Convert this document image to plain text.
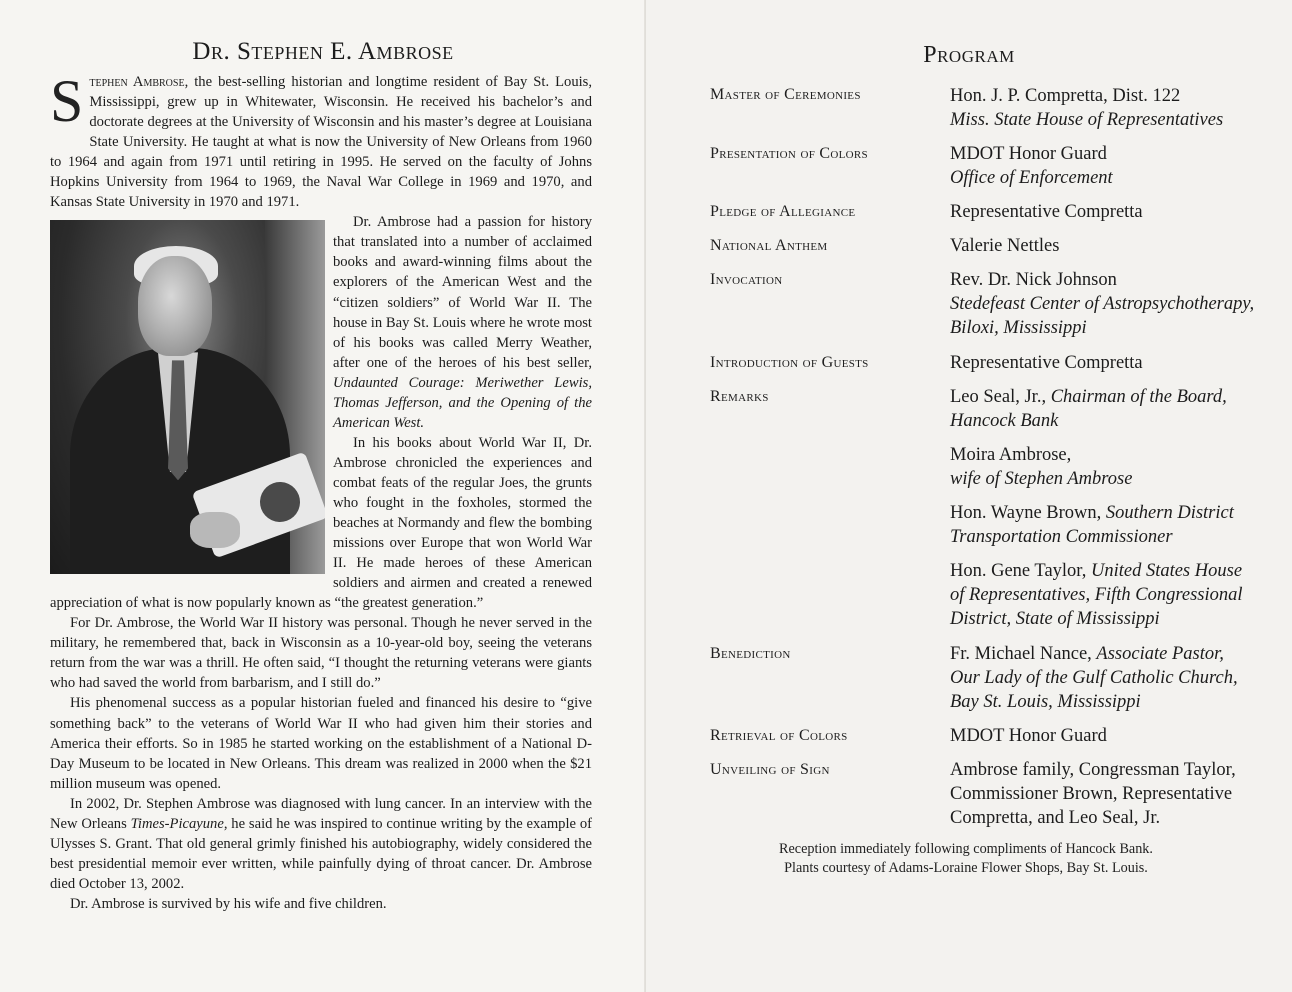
Dr. Stephen E. Ambrose

Stephen Ambrose, the best-selling historian and longtime resident of Bay St. Louis, Mississippi, grew up in Whitewater, Wisconsin. He received his bachelor’s and doctorate degrees at the University of Wisconsin and his master’s degree at Louisiana State University. He taught at what is now the University of New Orleans from 1960 to 1964 and again from 1971 until retiring in 1995. He served on the faculty of Johns Hopkins University from 1964 to 1969, the Naval War College in 1969 and 1970, and Kansas State University in 1970 and 1971.

Dr. Ambrose had a passion for history that translated into a number of acclaimed books and award-winning films about the explorers of the American West and the “citizen soldiers” of World War II. The house in Bay St. Louis where he wrote most of his books was called Merry Weather, after one of the heroes of his best seller, Undaunted Courage: Meriwether Lewis, Thomas Jefferson, and the Opening of the American West.

In his books about World War II, Dr. Ambrose chronicled the experiences and combat feats of the regular Joes, the grunts who fought in the foxholes, stormed the beaches at Normandy and flew the bombing missions over Europe that won World War II. He made heroes of these American soldiers and airmen and created a renewed appreciation of what is now popularly known as “the greatest generation.”

For Dr. Ambrose, the World War II history was personal. Though he never served in the military, he remembered that, back in Wisconsin as a 10-year-old boy, seeing the veterans return from the war was a thrill. He often said, “I thought the returning veterans were giants who had saved the world from barbarism, and I still do.”

His phenomenal success as a popular historian fueled and financed his desire to “give something back” to the veterans of World War II who had given him their stories and America their efforts. So in 1985 he started working on the establishment of a National D-Day Museum to be located in New Orleans. This dream was realized in 2000 when the $21 million museum was opened.

In 2002, Dr. Stephen Ambrose was diagnosed with lung cancer. In an interview with the New Orleans Times-Picayune, he said he was inspired to continue writing by the example of Ulysses S. Grant. That old general grimly finished his autobiography, widely considered the best presidential memoir ever written, while painfully dying of throat cancer. Dr. Ambrose died October 13, 2002.

Dr. Ambrose is survived by his wife and five children.

Program
Master of Ceremonies	Hon. J. P. Compretta, Dist. 122
Miss. State House of Representatives
Presentation of Colors	MDOT Honor Guard
Office of Enforcement
Pledge of Allegiance	Representative Compretta
National Anthem	Valerie Nettles
Invocation	Rev. Dr. Nick Johnson
Stedefeast Center of Astropsychotherapy,
Biloxi, Mississippi
Introduction of Guests	Representative Compretta
Remarks	Leo Seal, Jr., Chairman of the Board,
Hancock Bank
Moira Ambrose,
wife of Stephen Ambrose
Hon. Wayne Brown, Southern District
Transportation Commissioner
Hon. Gene Taylor, United States House
of Representatives, Fifth Congressional
District, State of Mississippi
Benediction	Fr. Michael Nance, Associate Pastor,
Our Lady of the Gulf Catholic Church,
Bay St. Louis, Mississippi
Retrieval of Colors	MDOT Honor Guard
Unveiling of Sign	Ambrose family, Congressman Taylor,
Commissioner Brown, Representative
Compretta, and Leo Seal, Jr.
Reception immediately following compliments of Hancock Bank.
Plants courtesy of Adams-Loraine Flower Shops, Bay St. Louis.
